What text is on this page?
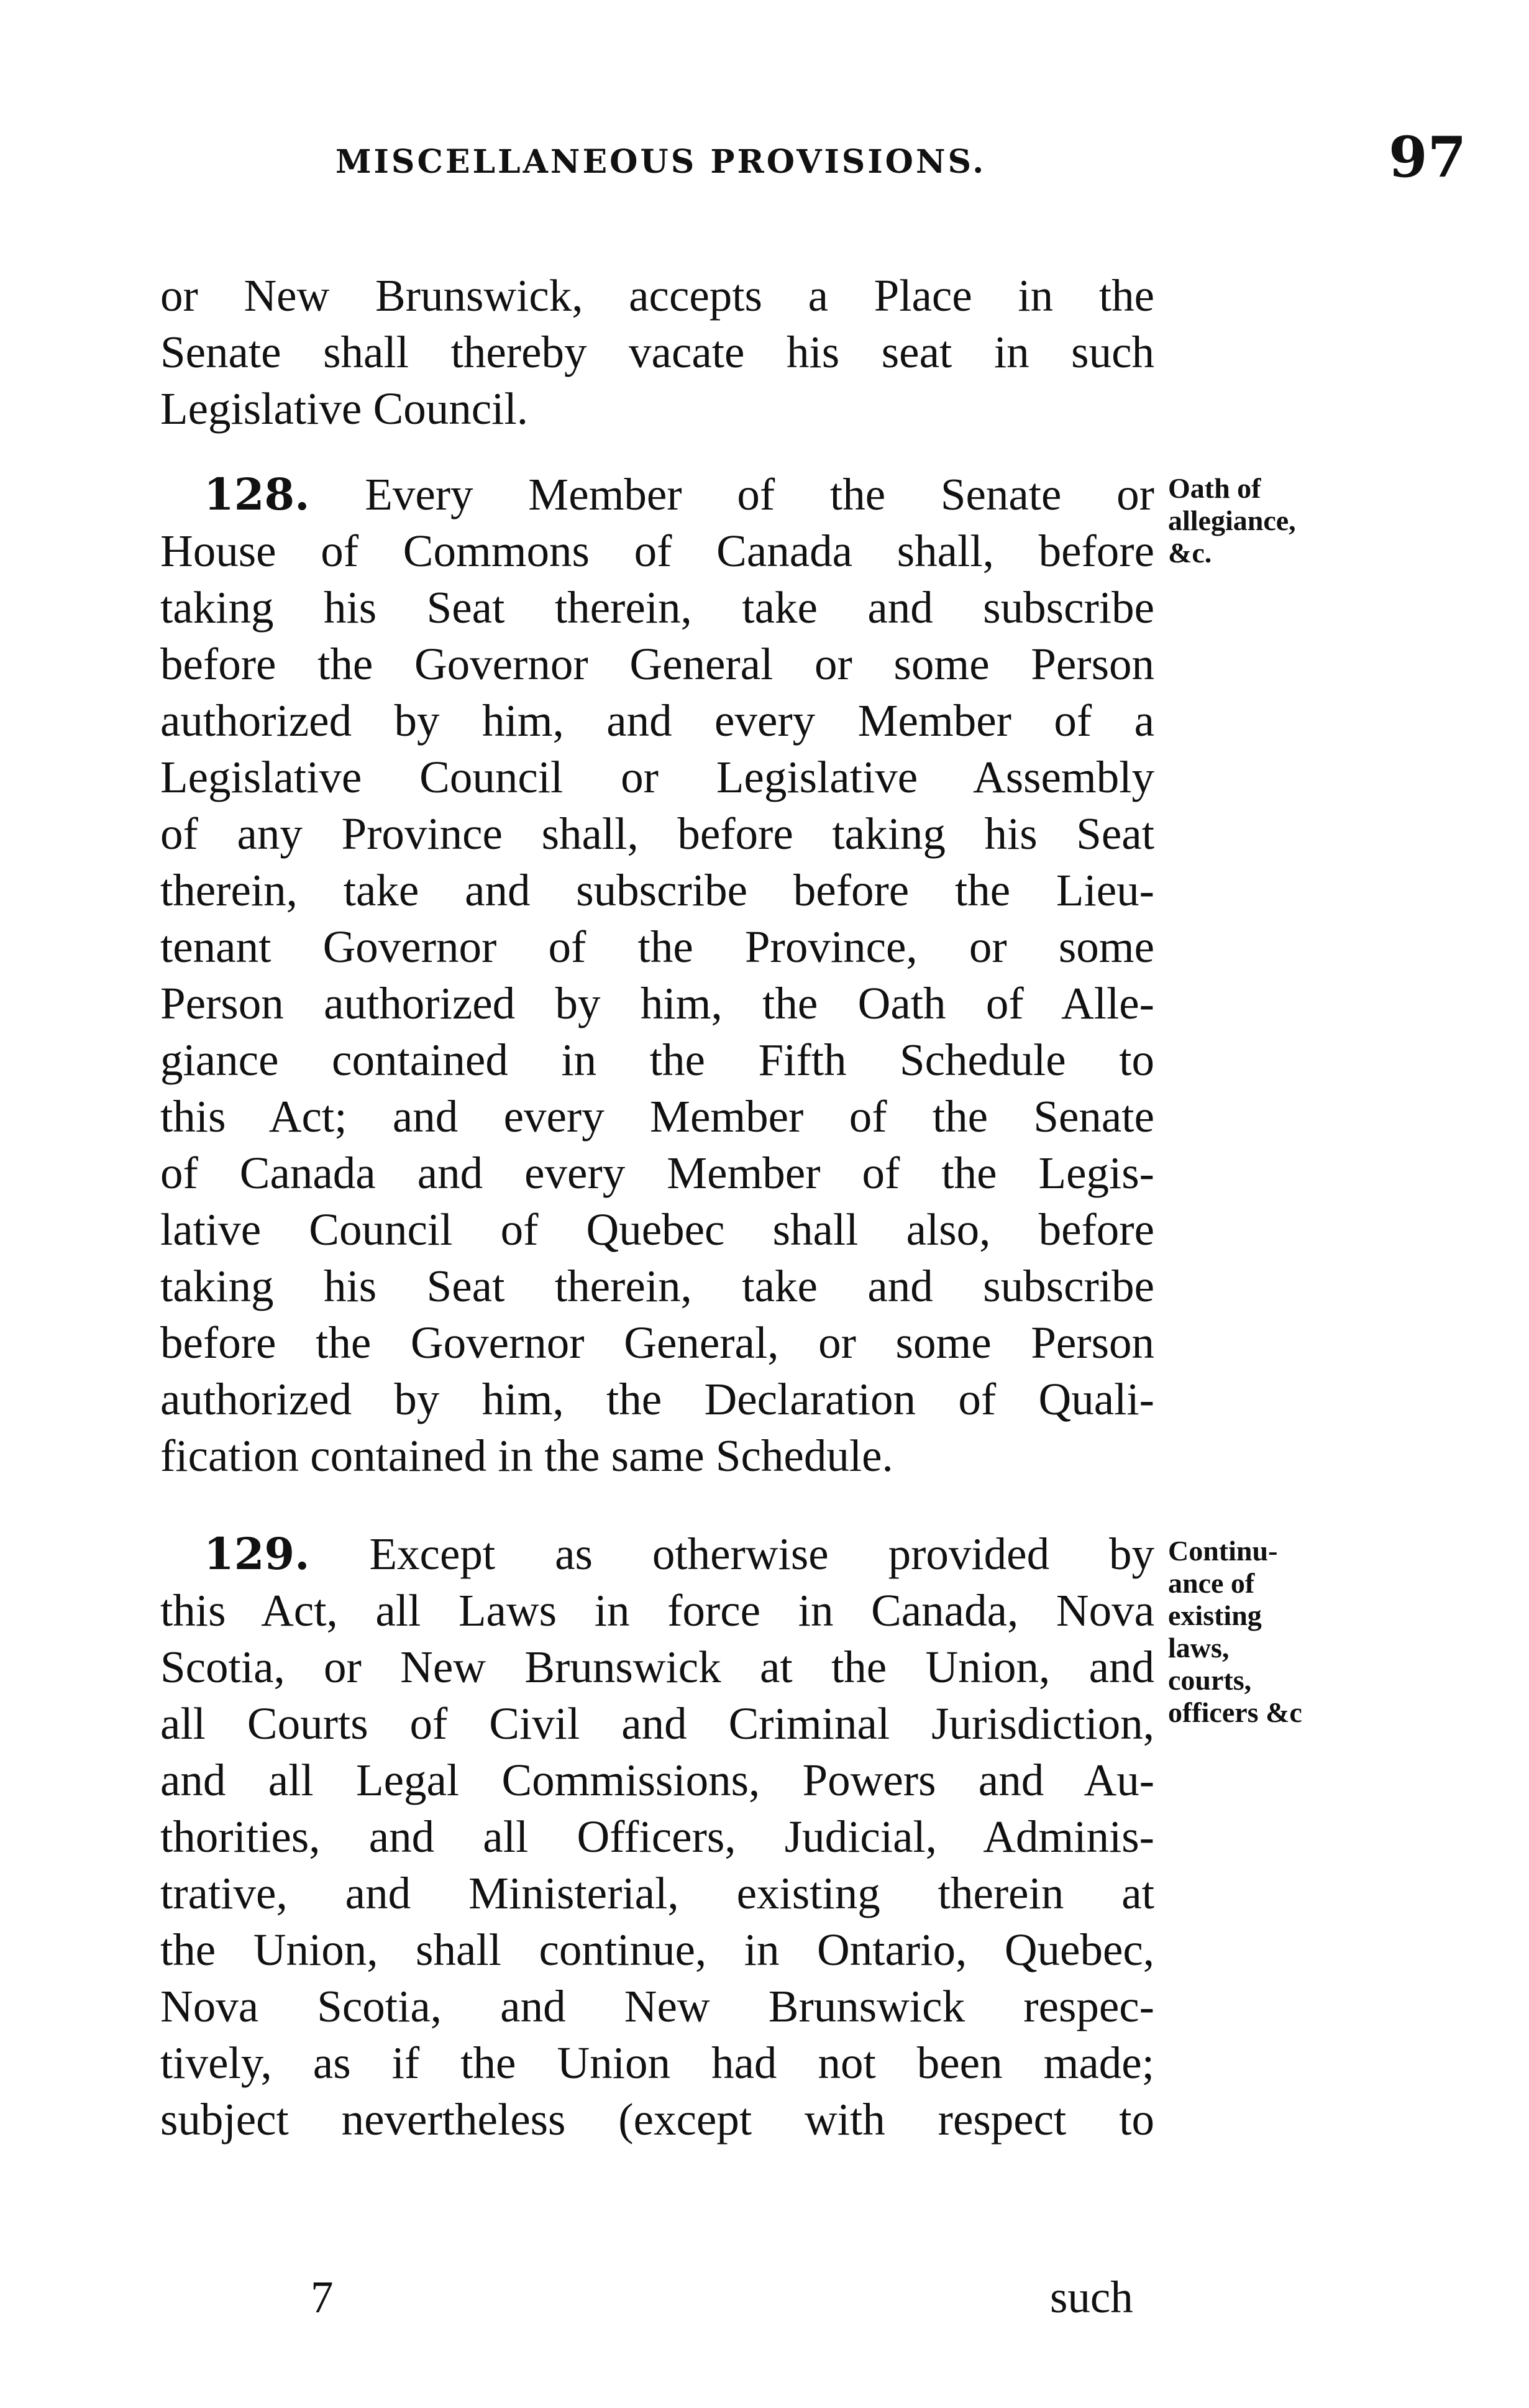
MISCELLANEOUS PROVISIONS.	97
or New Brunswick, accepts a Place in the
Senate shall thereby vacate his seat in such
Legislative Council.
128. Every Member of the Senate or
House of Commons of Canada shall, before
taking his Seat therein, take and subscribe
before the Governor General or some Person
authorized by him, and every Member of a
Legislative Council or Legislative Assembly
of any Province shall, before taking his Seat
therein, take and subscribe before the Lieu-
tenant Governor of the Province, or some
Person authorized by him, the Oath of Alle-
giance contained in the Fifth Schedule to
this Act; and every Member of the Senate
of Canada and every Member of the Legis-
lative Council of Quebec shall also, before
taking his Seat therein, take and subscribe
before the Governor General, or some Person
authorized by him, the Declaration of Quali-
fication contained in the same Schedule.
Oath of
allegiance,
&c.
129. Except as otherwise provided by
this Act, all Laws in force in Canada, Nova
Scotia, or New Brunswick at the Union, and
all Courts of Civil and Criminal Jurisdiction,
and all Legal Commissions, Powers and Au-
thorities, and all Officers, Judicial, Adminis-
trative, and Ministerial, existing therein at
the Union, shall continue, in Ontario, Quebec,
Nova Scotia, and New Brunswick respec-
tively, as if the Union had not been made;
subject nevertheless (except with respect to
Continu-
ance of
existing
laws,
courts,
officers &c
7	such
